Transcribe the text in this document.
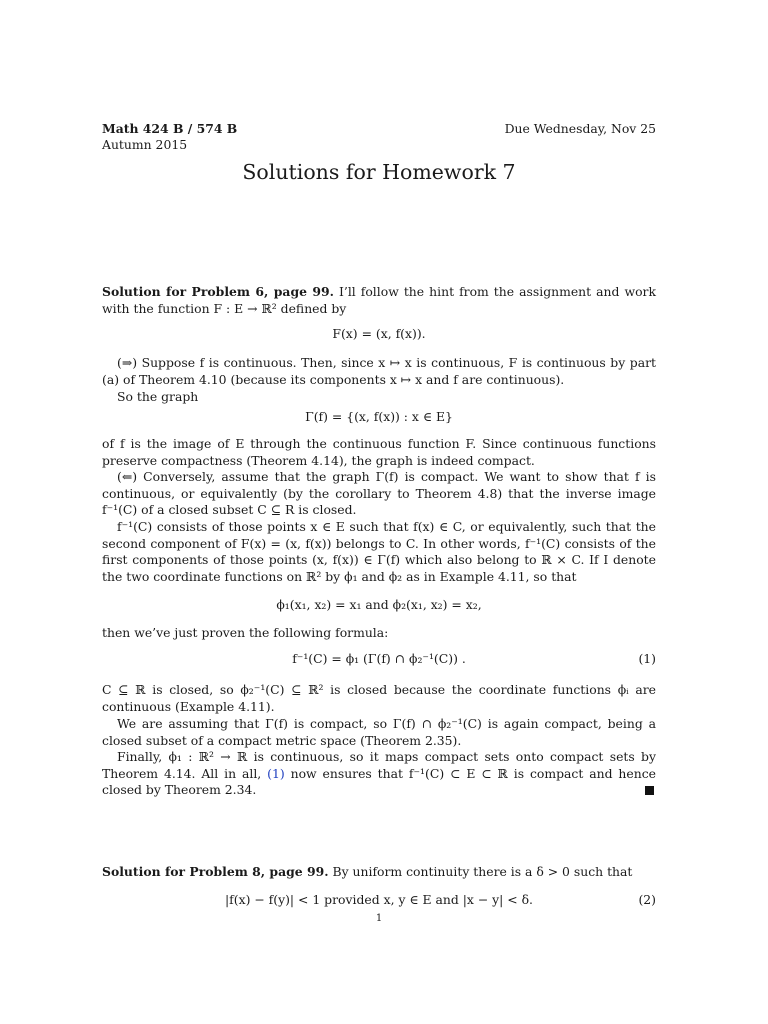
Math 424 B / 574 B
Autumn 2015
Due Wednesday, Nov 25
Solutions for Homework 7
Solution for Problem 6, page 99. I’ll follow the hint from the assignment and work with the function F : E → ℝ² defined by
F(x) = (x, f(x)).
(⇒) Suppose f is continuous. Then, since x ↦ x is continuous, F is continuous by part (a) of Theorem 4.10 (because its components x ↦ x and f are continuous).
So the graph
Γ(f) = {(x, f(x)) : x ∈ E}
of f is the image of E through the continuous function F. Since continuous functions preserve compactness (Theorem 4.14), the graph is indeed compact.
(⇐) Conversely, assume that the graph Γ(f) is compact. We want to show that f is continuous, or equivalently (by the corollary to Theorem 4.8) that the inverse image f⁻¹(C) of a closed subset C ⊆ R is closed.
f⁻¹(C) consists of those points x ∈ E such that f(x) ∈ C, or equivalently, such that the second component of F(x) = (x, f(x)) belongs to C. In other words, f⁻¹(C) consists of the first components of those points (x, f(x)) ∈ Γ(f) which also belong to ℝ × C. If I denote the two coordinate functions on ℝ² by ϕ₁ and ϕ₂ as in Example 4.11, so that
ϕ₁(x₁, x₂) = x₁ and ϕ₂(x₁, x₂) = x₂,
then we’ve just proven the following formula:
f⁻¹(C) = ϕ₁ (Γ(f) ∩ ϕ₂⁻¹(C)) .	(1)
C ⊆ ℝ is closed, so ϕ₂⁻¹(C) ⊆ ℝ² is closed because the coordinate functions ϕᵢ are continuous (Example 4.11).
We are assuming that Γ(f) is compact, so Γ(f) ∩ ϕ₂⁻¹(C) is again compact, being a closed subset of a compact metric space (Theorem 2.35).
Finally, ϕ₁ : ℝ² → ℝ is continuous, so it maps compact sets onto compact sets by Theorem 4.14. All in all, (1) now ensures that f⁻¹(C) ⊂ E ⊂ ℝ is compact and hence closed by Theorem 2.34.
Solution for Problem 8, page 99. By uniform continuity there is a δ > 0 such that
|f(x) − f(y)| < 1 provided x, y ∈ E and |x − y| < δ.	(2)
1
